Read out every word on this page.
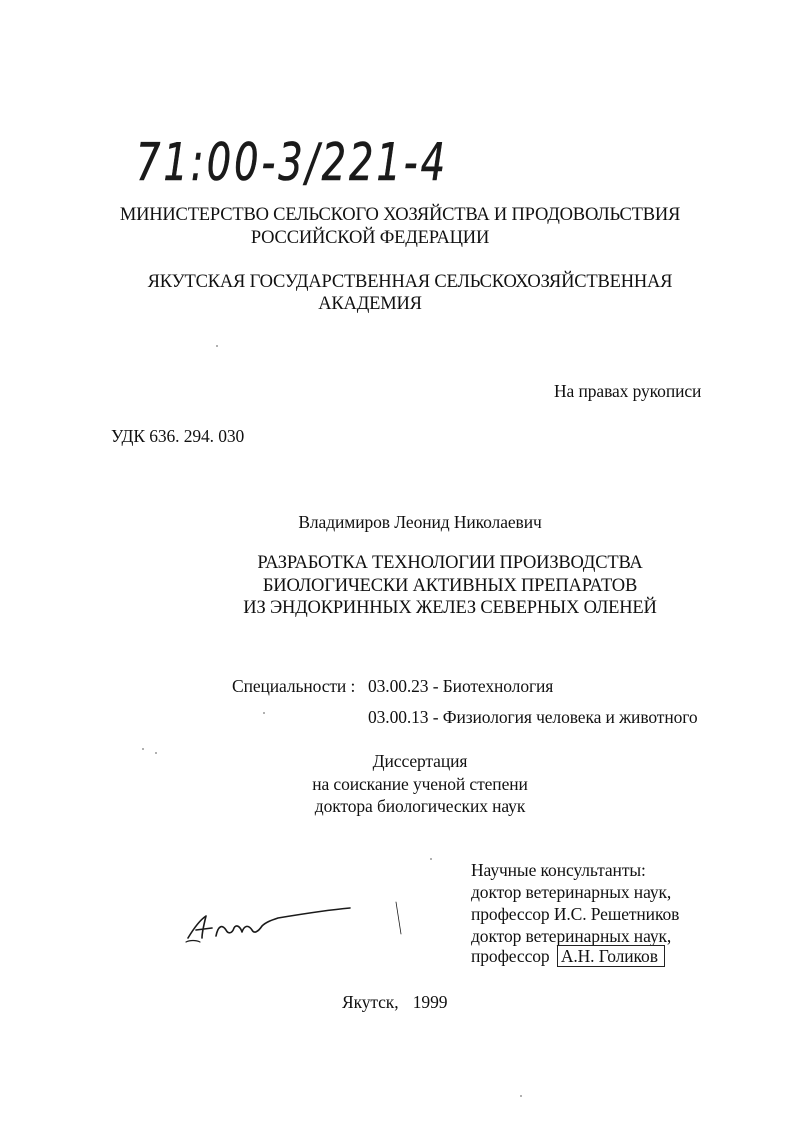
71:00-3/221-4
МИНИСТЕРСТВО СЕЛЬСКОГО ХОЗЯЙСТВА И ПРОДОВОЛЬСТВИЯ
РОССИЙСКОЙ ФЕДЕРАЦИИ
ЯКУТСКАЯ ГОСУДАРСТВЕННАЯ СЕЛЬСКОХОЗЯЙСТВЕННАЯ
АКАДЕМИЯ
На правах рукописи
УДК 636. 294. 030
Владимиров Леонид Николаевич
РАЗРАБОТКА ТЕХНОЛОГИИ ПРОИЗВОДСТВА
БИОЛОГИЧЕСКИ АКТИВНЫХ ПРЕПАРАТОВ
ИЗ ЭНДОКРИННЫХ ЖЕЛЕЗ СЕВЕРНЫХ ОЛЕНЕЙ
Специальности : 03.00.23 - Биотехнология
03.00.13 - Физиология человека и животного
Диссертация
на соискание ученой степени
доктора биологических наук
Научные консультанты:
доктор ветеринарных наук,
профессор И.С. Решетников
доктор ветеринарных наук,
профессор А.Н. Голиков
Якутск, 1999
